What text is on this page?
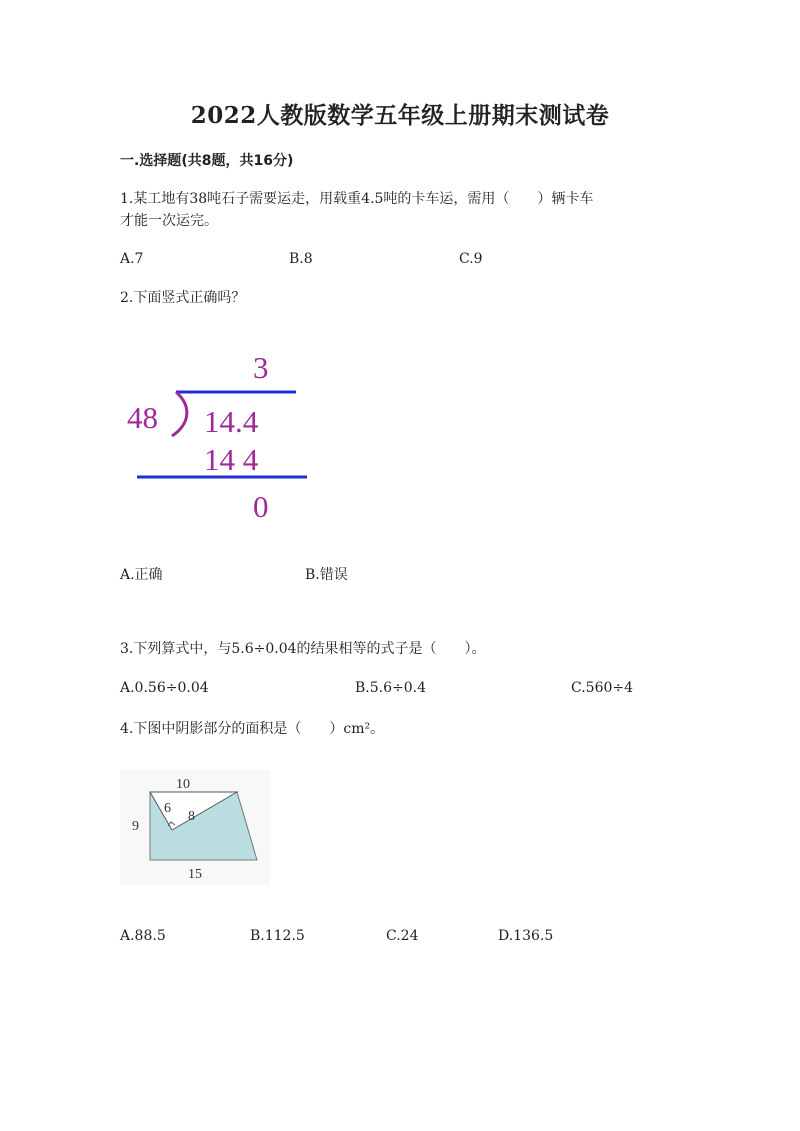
2022人教版数学五年级上册期末测试卷
一.选择题(共8题，共16分)
1.某工地有38吨石子需要运走，用载重4.5吨的卡车运，需用（　　）辆卡车
才能一次运完。
A.7	B.8	C.9
2.下面竖式正确吗？
3
48 14.4
14 4
0
A.正确	B.错误
3.下列算式中，与5.6÷0.04的结果相等的式子是（　　）。
A.0.56÷0.04	B.5.6÷0.4	C.560÷4
4.下图中阴影部分的面积是（　　）cm²。
10
9
15
6
8
A.88.5	B.112.5	C.24	D.136.5
